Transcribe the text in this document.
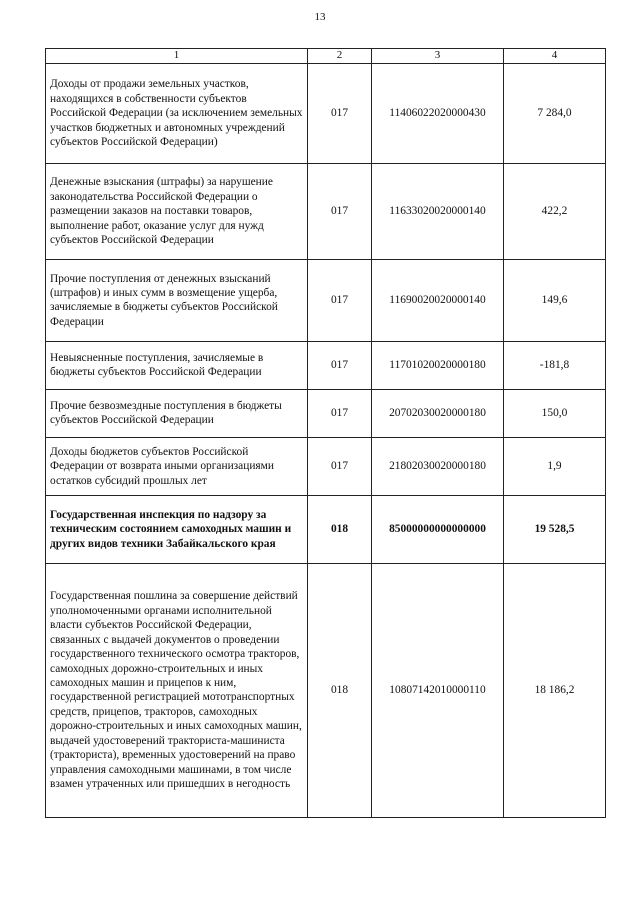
13
1	2	3	4
Доходы от продажи земельных участков, находящихся в собственности субъектов Российской Федерации (за исключением земельных участков бюджетных и автономных учреждений субъектов Российской Федерации)	017	11406022020000430	7 284,0
Денежные взыскания (штрафы) за нарушение законодательства Российской Федерации о размещении заказов на поставки товаров, выполнение работ, оказание услуг для нужд субъектов Российской Федерации	017	11633020020000140	422,2
Прочие поступления от денежных взысканий (штрафов) и иных сумм в возмещение ущерба, зачисляемые в бюджеты субъектов Российской Федерации	017	11690020020000140	149,6
Невыясненные поступления, зачисляемые в бюджеты субъектов Российской Федерации	017	11701020020000180	-181,8
Прочие безвозмездные поступления в бюджеты субъектов Российской Федерации	017	20702030020000180	150,0
Доходы бюджетов субъектов Российской Федерации от возврата иными организациями остатков субсидий прошлых лет	017	21802030020000180	1,9
Государственная инспекция по надзору за техническим состоянием самоходных машин и других видов техники Забайкальского края	018	85000000000000000	19 528,5
Государственная пошлина за совершение действий уполномоченными органами исполнительной власти субъектов Российской Федерации, связанных с выдачей документов о проведении государственного технического осмотра тракторов, самоходных дорожно-строительных и иных самоходных машин и прицепов к ним, государственной регистрацией мототранспортных средств, прицепов, тракторов, самоходных дорожно-строительных и иных самоходных машин, выдачей удостоверений тракториста-машиниста (тракториста), временных удостоверений на право управления самоходными машинами, в том числе взамен утраченных или пришедших в негодность	018	10807142010000110	18 186,2
